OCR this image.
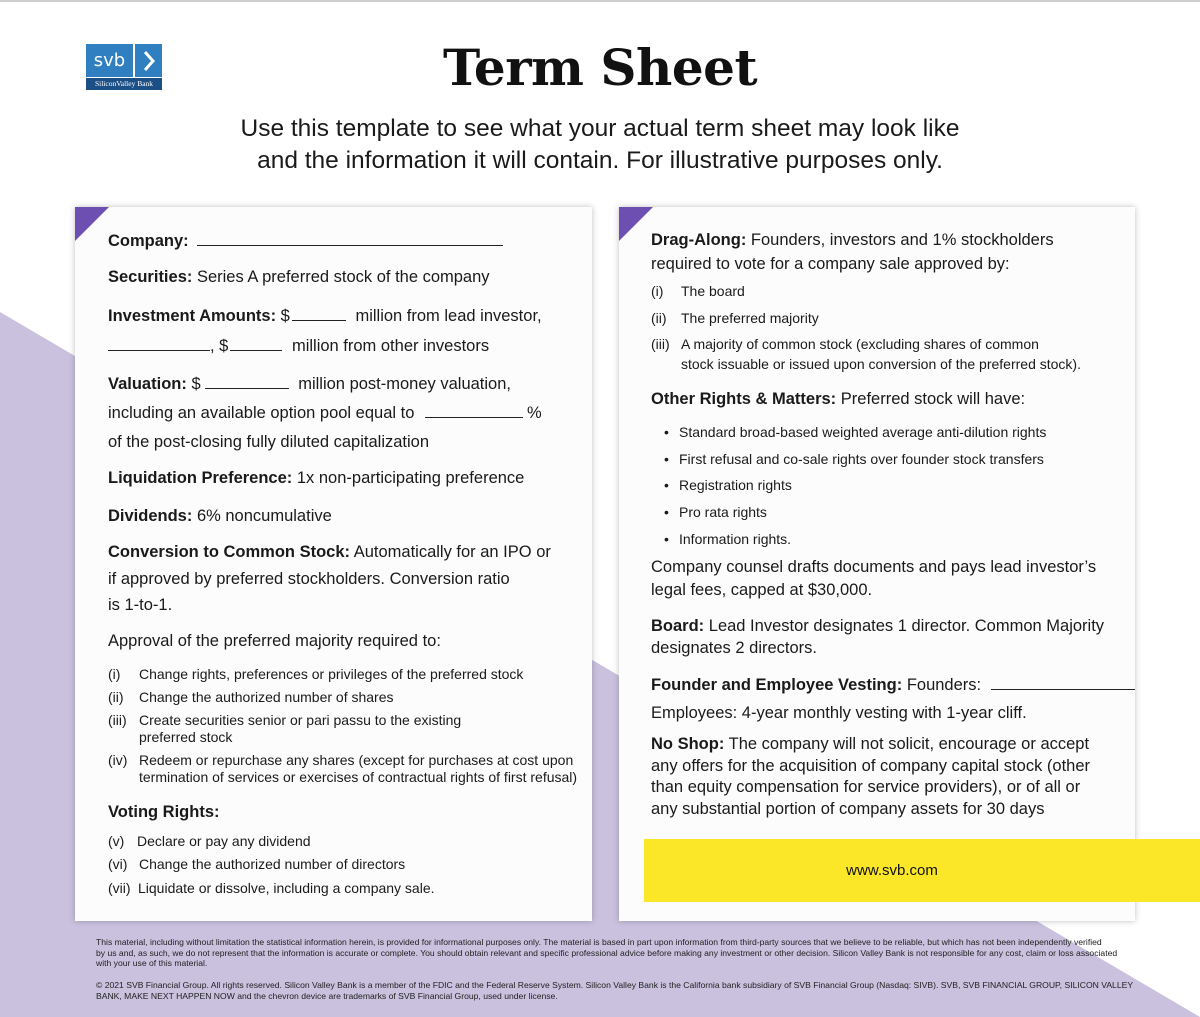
svb
SiliconValley Bank	Term Sheet
Use this template to see what your actual term sheet may look like
and the information it will contain. For illustrative purposes only.
Company:
Securities: Series A preferred stock of the company
Investment Amounts: $	million from lead investor,
, $	million from other investors
Valuation: $	million post-money valuation,
including an available option pool equal to	%
of the post-closing fully diluted capitalization
Liquidation Preference: 1x non-participating preference
Dividends: 6% noncumulative
Conversion to Common Stock: Automatically for an IPO or
if approved by preferred stockholders. Conversion ratio
is 1-to-1.
Approval of the preferred majority required to:
(i) Change rights, preferences or privileges of the preferred stock
(ii) Change the authorized number of shares
(iii) Create securities senior or pari passu to the existing
preferred stock
(iv) Redeem or repurchase any shares (except for purchases at cost upon
termination of services or exercises of contractual rights of first refusal)
Voting Rights:
(v) Declare or pay any dividend
(vi) Change the authorized number of directors
(vii) Liquidate or dissolve, including a company sale.
Drag-Along: Founders, investors and 1% stockholders
required to vote for a company sale approved by:
(i) The board
(ii) The preferred majority
(iii) A majority of common stock (excluding shares of common
stock issuable or issued upon conversion of the preferred stock).
Other Rights & Matters: Preferred stock will have:
• Standard broad-based weighted average anti-dilution rights
• First refusal and co-sale rights over founder stock transfers
• Registration rights
• Pro rata rights
• Information rights.
Company counsel drafts documents and pays lead investor’s
legal fees, capped at $30,000.
Board: Lead Investor designates 1 director. Common Majority
designates 2 directors.
Founder and Employee Vesting: Founders:
Employees: 4-year monthly vesting with 1-year cliff.
No Shop: The company will not solicit, encourage or accept
any offers for the acquisition of company capital stock (other
than equity compensation for service providers), or of all or
any substantial portion of company assets for 30 days
www.svb.com
This material, including without limitation the statistical information herein, is provided for informational purposes only. The material is based in part upon information from third-party sources that we believe to be reliable, but which has not been independently verified
by us and, as such, we do not represent that the information is accurate or complete. You should obtain relevant and specific professional advice before making any investment or other decision. Silicon Valley Bank is not responsible for any cost, claim or loss associated
with your use of this material.
© 2021 SVB Financial Group. All rights reserved. Silicon Valley Bank is a member of the FDIC and the Federal Reserve System. Silicon Valley Bank is the California bank subsidiary of SVB Financial Group (Nasdaq: SIVB). SVB, SVB FINANCIAL GROUP, SILICON VALLEY
BANK, MAKE NEXT HAPPEN NOW and the chevron device are trademarks of SVB Financial Group, used under license.
